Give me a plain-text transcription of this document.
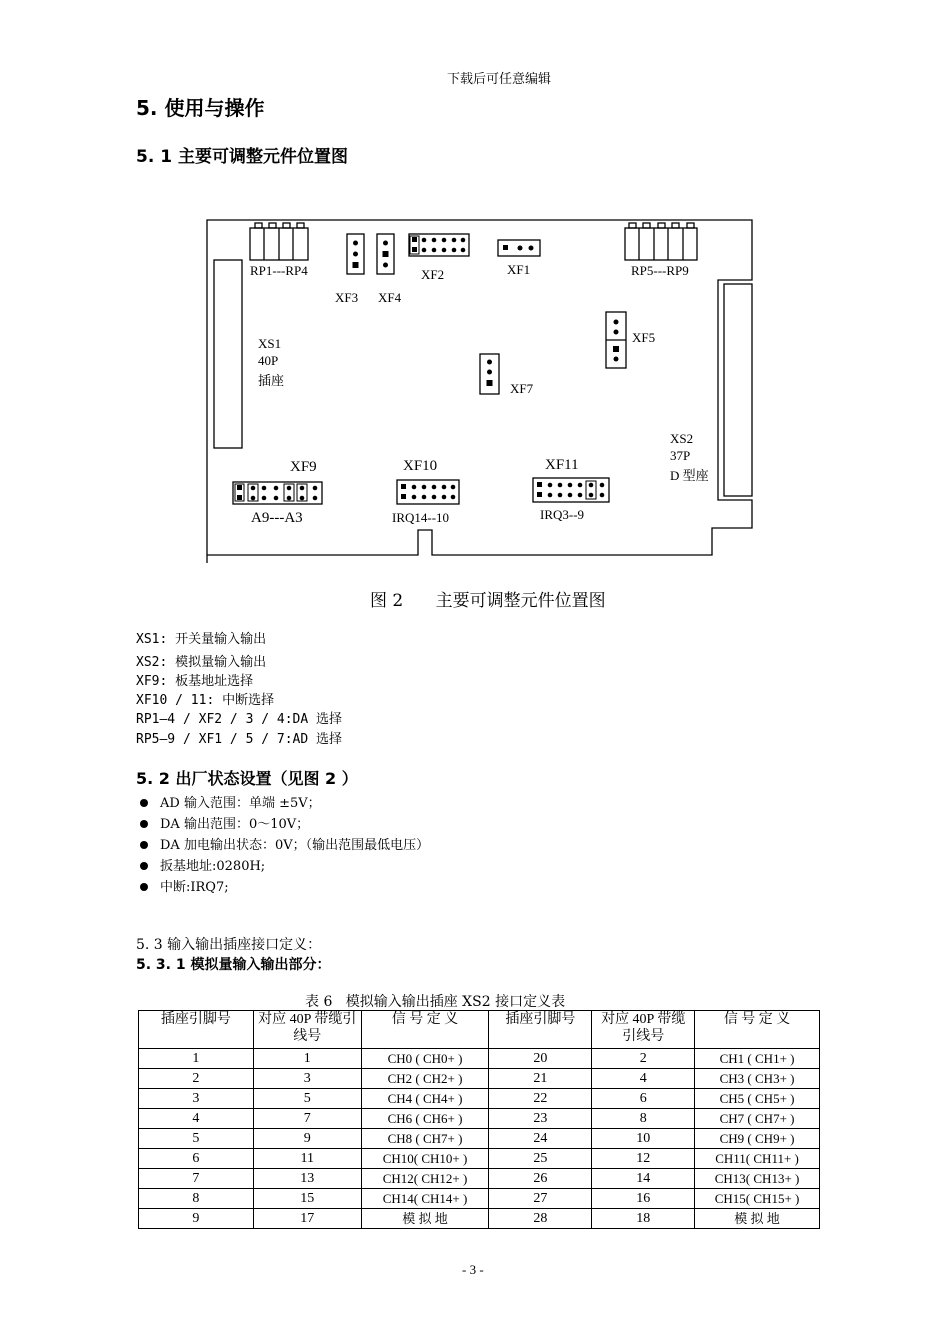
下载后可任意编辑
5. 使用与操作
5. 1 主要可调整元件位置图
RP1---RP4
XF3 XF4
XF2	XF1	RP5---RP9
XF5
XF7
XS1
40P
插座
XS2
37P
D 型座
XF9	XF10	XF11
A9---A3	IRQ14--10	IRQ3--9
图 2      主要可调整元件位置图
XS1: 开关量输入输出
XS2: 模拟量输入输出
XF9: 板基地址选择
XF10 / 11: 中断选择
RP1—4 / XF2 / 3 / 4:DA 选择
RP5—9 / XF1 / 5 / 7:AD 选择
5. 2 出厂状态设置（见图 2 ）
AD 输入范围：单端 ±5V；
DA 输出范围：0～10V；
DA 加电输出状态：0V；（输出范围最低电压）
扳基地址:0280H;
中断:IRQ7;
5. 3 输入输出插座接口定义：
5. 3. 1 模拟量输入输出部分：
表 6   模拟输入输出插座 XS2 接口定义表
插座引脚号	对应 40P 带缆引线号	信 号 定 义	插座引脚号	对应 40P 带缆引线号	信 号 定 义
1	1	CH0 ( CH0+ )	20	2	CH1 ( CH1+ )
2	3	CH2 ( CH2+ )	21	4	CH3 ( CH3+ )
3	5	CH4 ( CH4+ )	22	6	CH5 ( CH5+ )
4	7	CH6 ( CH6+ )	23	8	CH7 ( CH7+ )
5	9	CH8 ( CH7+ )	24	10	CH9 ( CH9+ )
6	11	CH10( CH10+ )	25	12	CH11( CH11+ )
7	13	CH12( CH12+ )	26	14	CH13( CH13+ )
8	15	CH14( CH14+ )	27	16	CH15( CH15+ )
9	17	模 拟 地	28	18	模 拟 地
- 3 -
